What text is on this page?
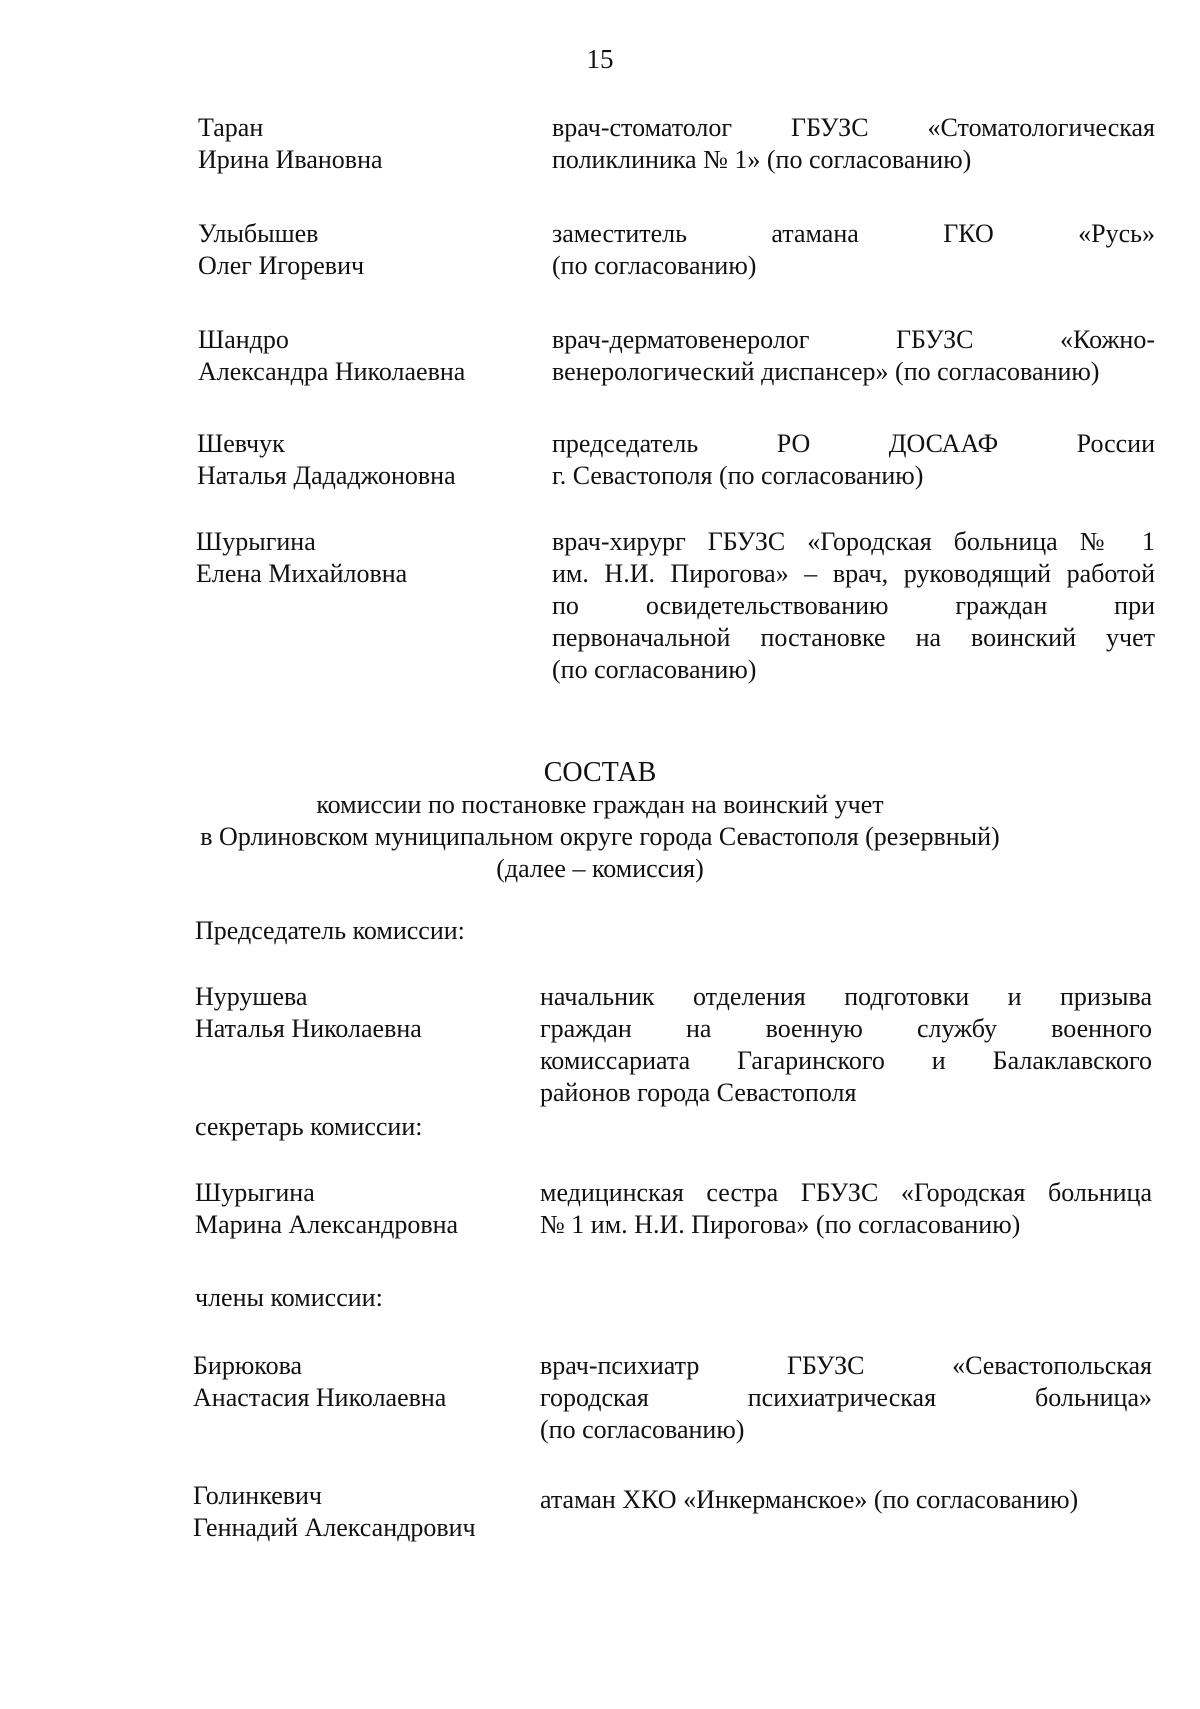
15
Таран
Ирина Ивановна
врач-стоматолог ГБУЗС «Стоматологическая
поликлиника № 1» (по согласованию)
Улыбышев
Олег Игоревич
заместитель атамана ГКО «Русь»
(по согласованию)
Шандро
Александра Николаевна
врач-дерматовенеролог ГБУЗС «Кожно-
венерологический диспансер» (по согласованию)
Шевчук
Наталья Дададжоновна
председатель РО ДОСААФ России
г. Севастополя (по согласованию)
Шурыгина
Елена Михайловна
врач-хирург ГБУЗС «Городская больница № 1
им. Н.И. Пирогова» – врач, руководящий работой
по освидетельствованию граждан при
первоначальной постановке на воинский учет
(по согласованию)
СОСТАВ
комиссии по постановке граждан на воинский учет
в Орлиновском муниципальном округе города Севастополя (резервный)
(далее – комиссия)
Председатель комиссии:
Нурушева
Наталья Николаевна
начальник отделения подготовки и призыва
граждан на военную службу военного
комиссариата Гагаринского и Балаклавского
районов города Севастополя
секретарь комиссии:
Шурыгина
Марина Александровна
медицинская сестра ГБУЗС «Городская больница
№ 1 им. Н.И. Пирогова» (по согласованию)
члены комиссии:
Бирюкова
Анастасия Николаевна
врач-психиатр ГБУЗС «Севастопольская
городская психиатрическая больница»
(по согласованию)
Голинкевич
Геннадий Александрович
атаман ХКО «Инкерманское» (по согласованию)
